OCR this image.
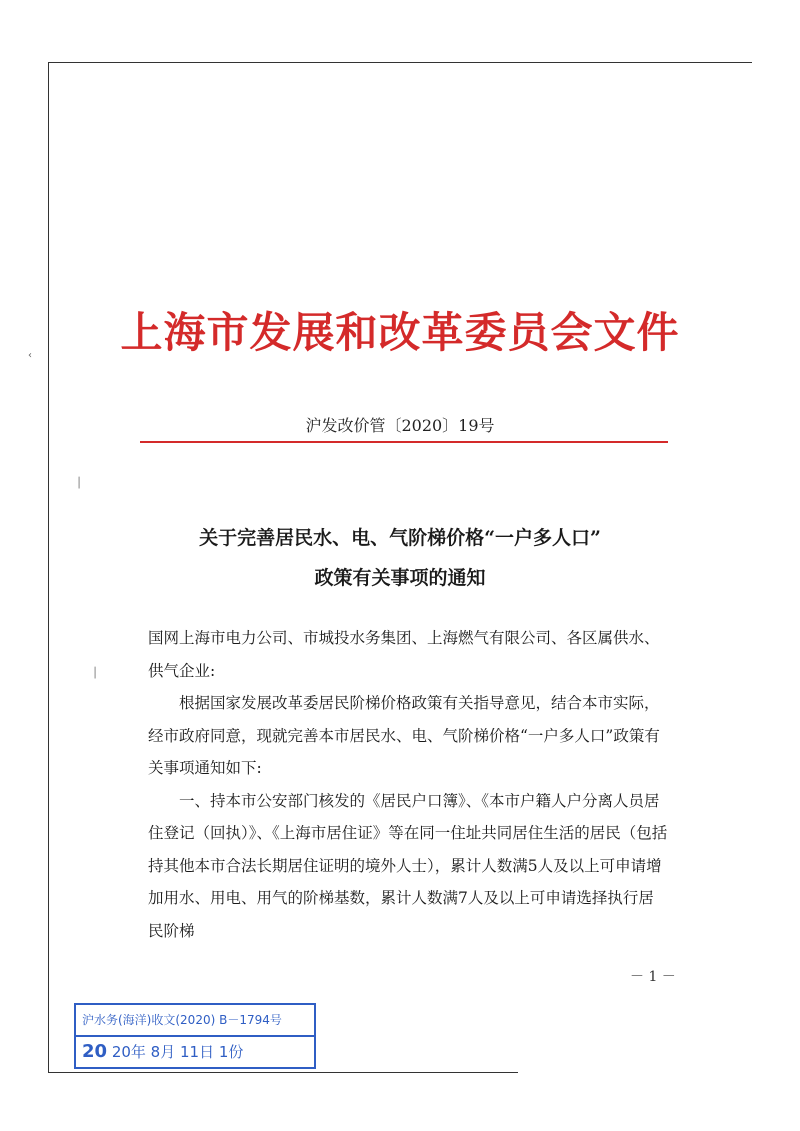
‹
│
│
上海市发展和改革委员会文件
沪发改价管〔2020〕19号
关于完善居民水、电、气阶梯价格“一户多人口”
政策有关事项的通知

国网上海市电力公司、市城投水务集团、上海燃气有限公司、各区属供水、供气企业:

根据国家发展改革委居民阶梯价格政策有关指导意见，结合本市实际，经市政府同意，现就完善本市居民水、电、气阶梯价格“一户多人口”政策有关事项通知如下:

一、持本市公安部门核发的《居民户口簿》、《本市户籍人户分离人员居住登记（回执）》、《上海市居住证》等在同一住址共同居住生活的居民（包括持其他本市合法长期居住证明的境外人士），累计人数满5人及以上可申请增加用水、用电、用气的阶梯基数，累计人数满7人及以上可申请选择执行居民阶梯

－ 1 －
沪水务(海洋)收文(2020) B－1794号
20 20年 8月 11日 1份
